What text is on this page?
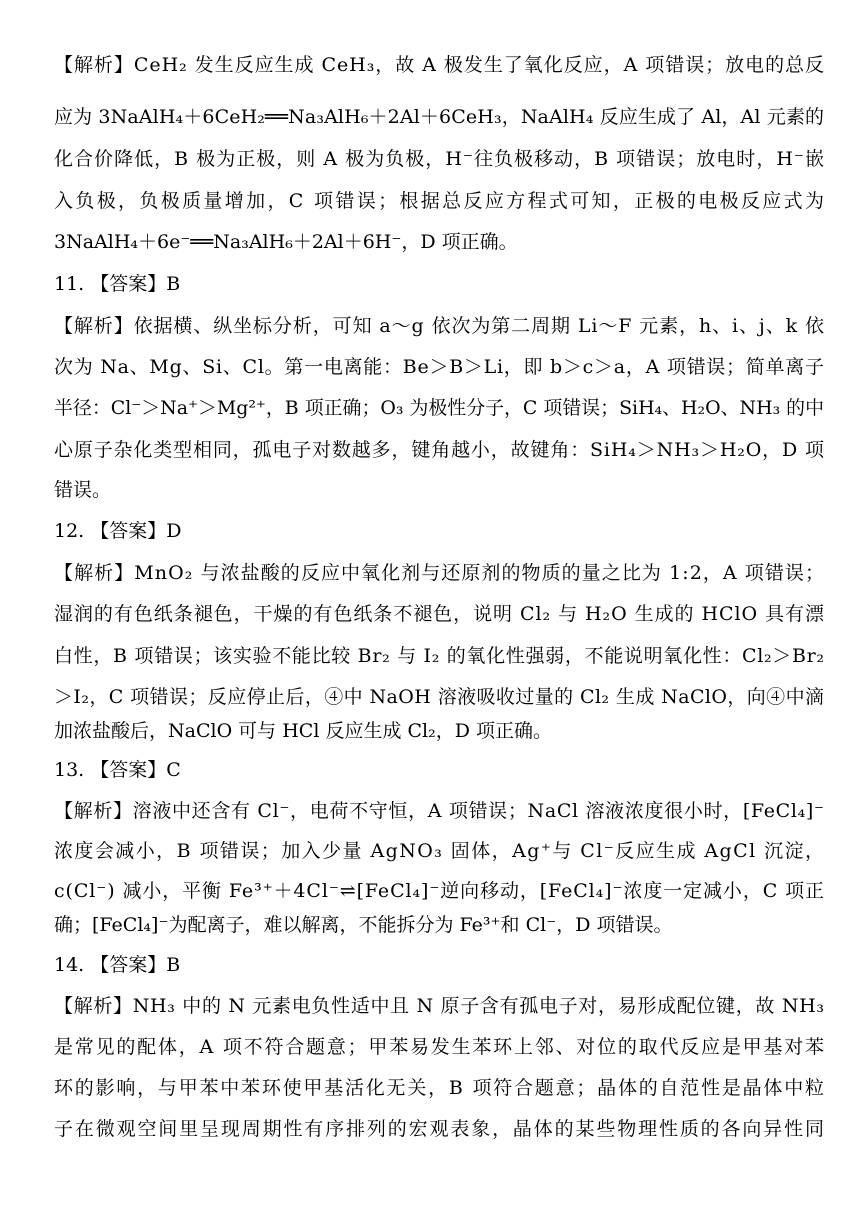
【解析】CeH₂ 发生反应生成 CeH₃，故 A 极发生了氧化反应，A 项错误；放电的总反
应为 3NaAlH₄＋6CeH₂══Na₃AlH₆＋2Al＋6CeH₃，NaAlH₄ 反应生成了 Al，Al 元素的
化合价降低，B 极为正极，则 A 极为负极，H⁻往负极移动，B 项错误；放电时，H⁻嵌
入负极，负极质量增加，C 项错误；根据总反应方程式可知，正极的电极反应式为
3NaAlH₄＋6e⁻══Na₃AlH₆＋2Al＋6H⁻，D 项正确。
11. 【答案】B
【解析】依据横、纵坐标分析，可知 a～g 依次为第二周期 Li～F 元素，h、i、j、k 依
次为 Na、Mg、Si、Cl。第一电离能：Be＞B＞Li，即 b＞c＞a，A 项错误；简单离子
半径：Cl⁻＞Na⁺＞Mg²⁺，B 项正确；O₃ 为极性分子，C 项错误；SiH₄、H₂O、NH₃ 的中
心原子杂化类型相同，孤电子对数越多，键角越小，故键角：SiH₄＞NH₃＞H₂O，D 项
错误。
12. 【答案】D
【解析】MnO₂ 与浓盐酸的反应中氧化剂与还原剂的物质的量之比为 1:2，A 项错误；
湿润的有色纸条褪色，干燥的有色纸条不褪色，说明 Cl₂ 与 H₂O 生成的 HClO 具有漂
白性，B 项错误；该实验不能比较 Br₂ 与 I₂ 的氧化性强弱，不能说明氧化性：Cl₂＞Br₂
＞I₂，C 项错误；反应停止后，④中 NaOH 溶液吸收过量的 Cl₂ 生成 NaClO，向④中滴
加浓盐酸后，NaClO 可与 HCl 反应生成 Cl₂，D 项正确。
13. 【答案】C
【解析】溶液中还含有 Cl⁻，电荷不守恒，A 项错误；NaCl 溶液浓度很小时，[FeCl₄]⁻
浓度会减小，B 项错误；加入少量 AgNO₃ 固体，Ag⁺与 Cl⁻反应生成 AgCl 沉淀，
c(Cl⁻) 减小，平衡 Fe³⁺＋4Cl⁻⇌[FeCl₄]⁻逆向移动，[FeCl₄]⁻浓度一定减小，C 项正
确；[FeCl₄]⁻为配离子，难以解离，不能拆分为 Fe³⁺和 Cl⁻，D 项错误。
14. 【答案】B
【解析】NH₃ 中的 N 元素电负性适中且 N 原子含有孤电子对，易形成配位键，故 NH₃
是常见的配体，A 项不符合题意；甲苯易发生苯环上邻、对位的取代反应是甲基对苯
环的影响，与甲苯中苯环使甲基活化无关，B 项符合题意；晶体的自范性是晶体中粒
子在微观空间里呈现周期性有序排列的宏观表象，晶体的某些物理性质的各向异性同
